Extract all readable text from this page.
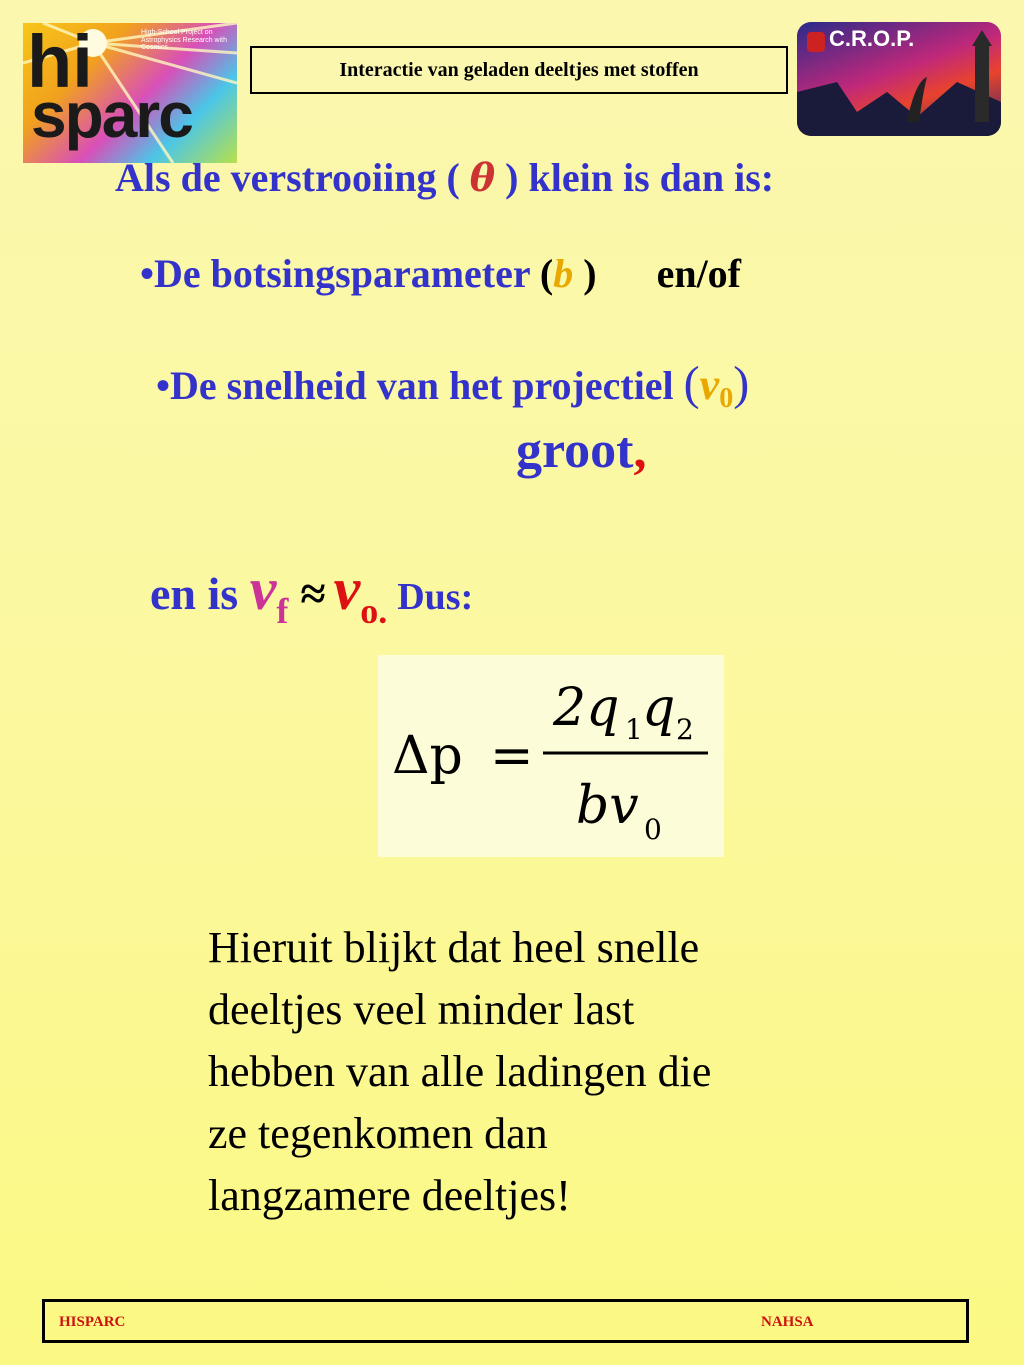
hi
sparc
High-School Project on Astrophysics Research with Cosmics
Interactie van geladen deeltjes met stoffen
C.R.O.P.
Als de verstrooiing ( θ ) klein is dan is:
•De botsingsparameter (b ) en/of
•De snelheid van het projectiel $(v_0)$
groot,
en is $v_f \approx v_{o.}$ Dus:
Δp =
2q 1 q 2
bv 0
Hieruit blijkt dat heel snelle
deeltjes veel minder last
hebben van alle ladingen die
ze tegenkomen dan
langzamere deeltjes!
HISPARC	NAHSA
